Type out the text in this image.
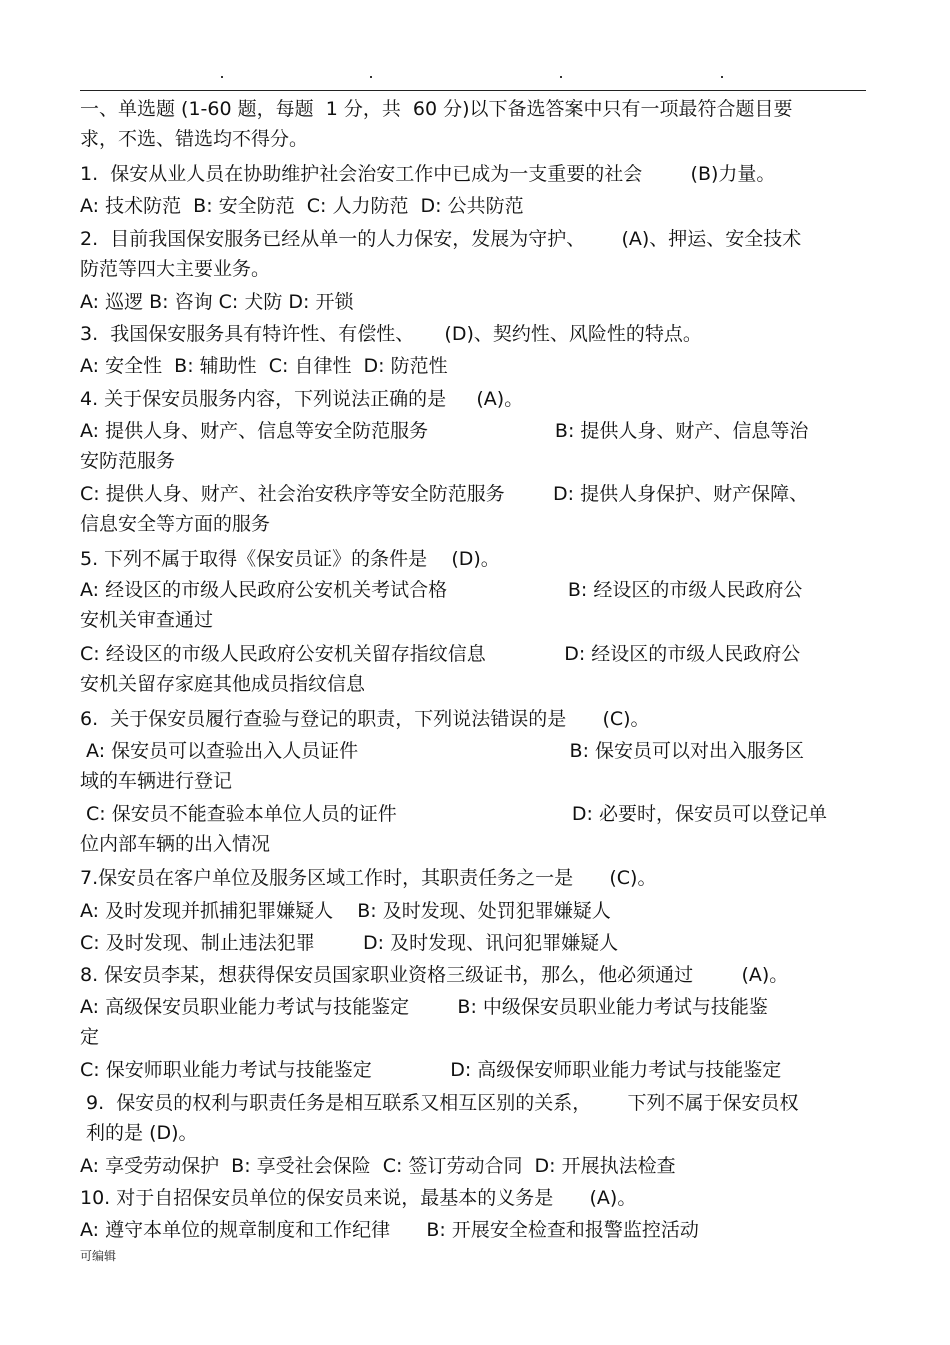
一、单选题 (1-60 题，每题  1 分，共  60 分)以下备选答案中只有一项最符合题目要
求，不选、错选均不得分。
1.  保安从业人员在协助维护社会治安工作中已成为一支重要的社会        (B)力量。
A: 技术防范  B: 安全防范  C: 人力防范  D: 公共防范
2.  目前我国保安服务已经从单一的人力保安，发展为守护、      (A)、押运、安全技术
防范等四大主要业务。
A: 巡逻 B: 咨询 C: 犬防 D: 开锁
3.  我国保安服务具有特许性、有偿性、     (D)、契约性、风险性的特点。
A: 安全性  B: 辅助性  C: 自律性  D: 防范性
4. 关于保安员服务内容，下列说法正确的是     (A)。
A: 提供人身、财产、信息等安全防范服务                     B: 提供人身、财产、信息等治
安防范服务
C: 提供人身、财产、社会治安秩序等安全防范服务        D: 提供人身保护、财产保障、
信息安全等方面的服务
5. 下列不属于取得《保安员证》的条件是    (D)。
A: 经设区的市级人民政府公安机关考试合格                    B: 经设区的市级人民政府公
安机关审查通过
C: 经设区的市级人民政府公安机关留存指纹信息             D: 经设区的市级人民政府公
安机关留存家庭其他成员指纹信息
6.  关于保安员履行查验与登记的职责，下列说法错误的是      (C)。
A: 保安员可以查验出入人员证件                                   B: 保安员可以对出入服务区
域的车辆进行登记
C: 保安员不能查验本单位人员的证件                             D: 必要时，保安员可以登记单
位内部车辆的出入情况
7.保安员在客户单位及服务区域工作时，其职责任务之一是      (C)。
A: 及时发现并抓捕犯罪嫌疑人    B: 及时发现、处罚犯罪嫌疑人
C: 及时发现、制止违法犯罪        D: 及时发现、讯问犯罪嫌疑人
8. 保安员李某，想获得保安员国家职业资格三级证书，那么，他必须通过        (A)。
A: 高级保安员职业能力考试与技能鉴定        B: 中级保安员职业能力考试与技能鉴
定
C: 保安师职业能力考试与技能鉴定             D: 高级保安师职业能力考试与技能鉴定
9.  保安员的权利与职责任务是相互联系又相互区别的关系，      下列不属于保安员权
利的是 (D)。
A: 享受劳动保护  B: 享受社会保险  C: 签订劳动合同  D: 开展执法检查
10. 对于自招保安员单位的保安员来说，最基本的义务是      (A)。
A: 遵守本单位的规章制度和工作纪律      B: 开展安全检查和报警监控活动
可编辑
